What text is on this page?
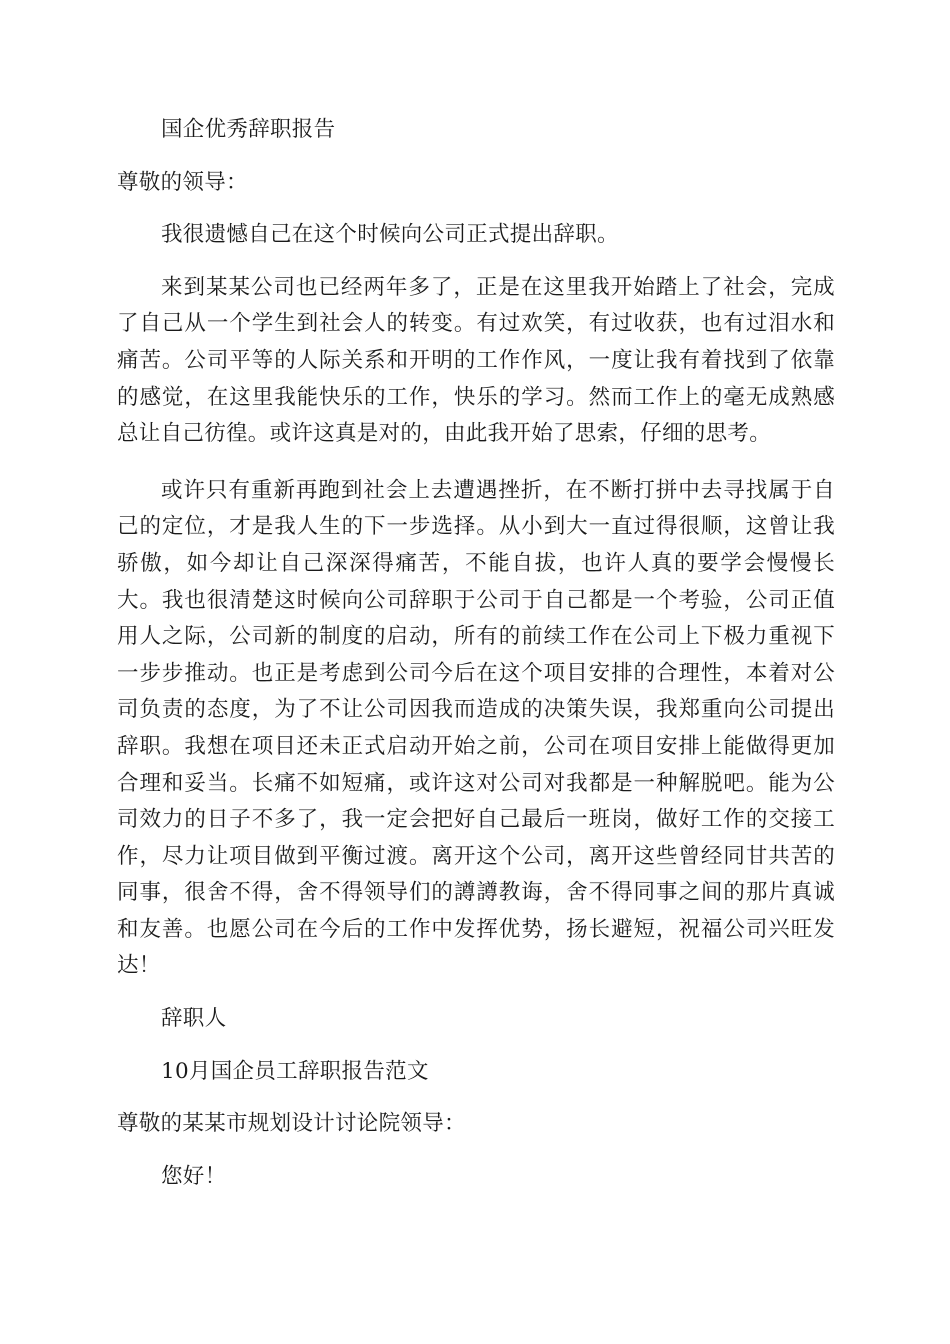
国企优秀辞职报告

尊敬的领导：

我很遗憾自己在这个时候向公司正式提出辞职。

来到某某公司也已经两年多了，正是在这里我开始踏上了社会，完成了自己从一个学生到社会人的转变。有过欢笑，有过收获，也有过泪水和痛苦。公司平等的人际关系和开明的工作作风，一度让我有着找到了依靠的感觉，在这里我能快乐的工作，快乐的学习。然而工作上的毫无成熟感总让自己彷徨。或许这真是对的，由此我开始了思索，仔细的思考。

或许只有重新再跑到社会上去遭遇挫折，在不断打拼中去寻找属于自己的定位，才是我人生的下一步选择。从小到大一直过得很顺，这曾让我骄傲，如今却让自己深深得痛苦，不能自拔，也许人真的要学会慢慢长大。我也很清楚这时候向公司辞职于公司于自己都是一个考验，公司正值用人之际，公司新的制度的启动，所有的前续工作在公司上下极力重视下一步步推动。也正是考虑到公司今后在这个项目安排的合理性，本着对公司负责的态度，为了不让公司因我而造成的决策失误，我郑重向公司提出辞职。我想在项目还未正式启动开始之前，公司在项目安排上能做得更加合理和妥当。长痛不如短痛，或许这对公司对我都是一种解脱吧。能为公司效力的日子不多了，我一定会把好自己最后一班岗，做好工作的交接工作，尽力让项目做到平衡过渡。离开这个公司，离开这些曾经同甘共苦的同事，很舍不得，舍不得领导们的譐譐教诲，舍不得同事之间的那片真诚和友善。也愿公司在今后的工作中发挥优势，扬长避短，祝福公司兴旺发达！

辞职人

10月国企员工辞职报告范文

尊敬的某某市规划设计讨论院领导：

您好！
